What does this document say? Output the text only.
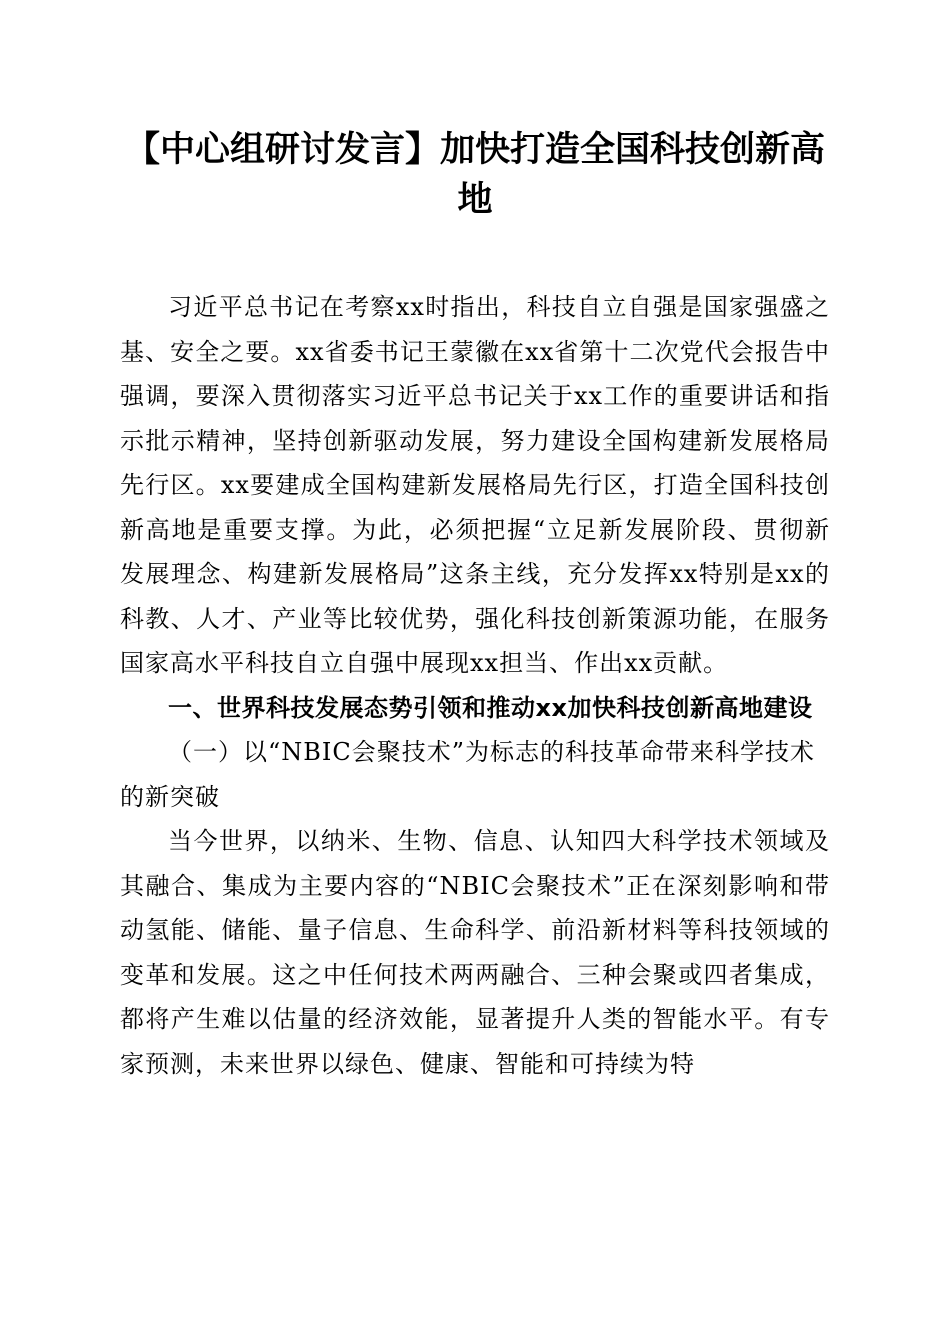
【中心组研讨发言】加快打造全国科技创新高地

习近平总书记在考察xx时指出，科技自立自强是国家强盛之基、安全之要。xx省委书记王蒙徽在xx省第十二次党代会报告中强调，要深入贯彻落实习近平总书记关于xx工作的重要讲话和指示批示精神，坚持创新驱动发展，努力建设全国构建新发展格局先行区。xx要建成全国构建新发展格局先行区，打造全国科技创新高地是重要支撑。为此，必须把握“立足新发展阶段、贯彻新发展理念、构建新发展格局”这条主线，充分发挥xx特别是xx的科教、人才、产业等比较优势，强化科技创新策源功能，在服务国家高水平科技自立自强中展现xx担当、作出xx贡献。

一、世界科技发展态势引领和推动xx加快科技创新高地建设

（一）以“NBIC会聚技术”为标志的科技革命带来科学技术的新突破

当今世界，以纳米、生物、信息、认知四大科学技术领域及其融合、集成为主要内容的“NBIC会聚技术”正在深刻影响和带动氢能、储能、量子信息、生命科学、前沿新材料等科技领域的变革和发展。这之中任何技术两两融合、三种会聚或四者集成，都将产生难以估量的经济效能，显著提升人类的智能水平。有专家预测，未来世界以绿色、健康、智能和可持续为特
